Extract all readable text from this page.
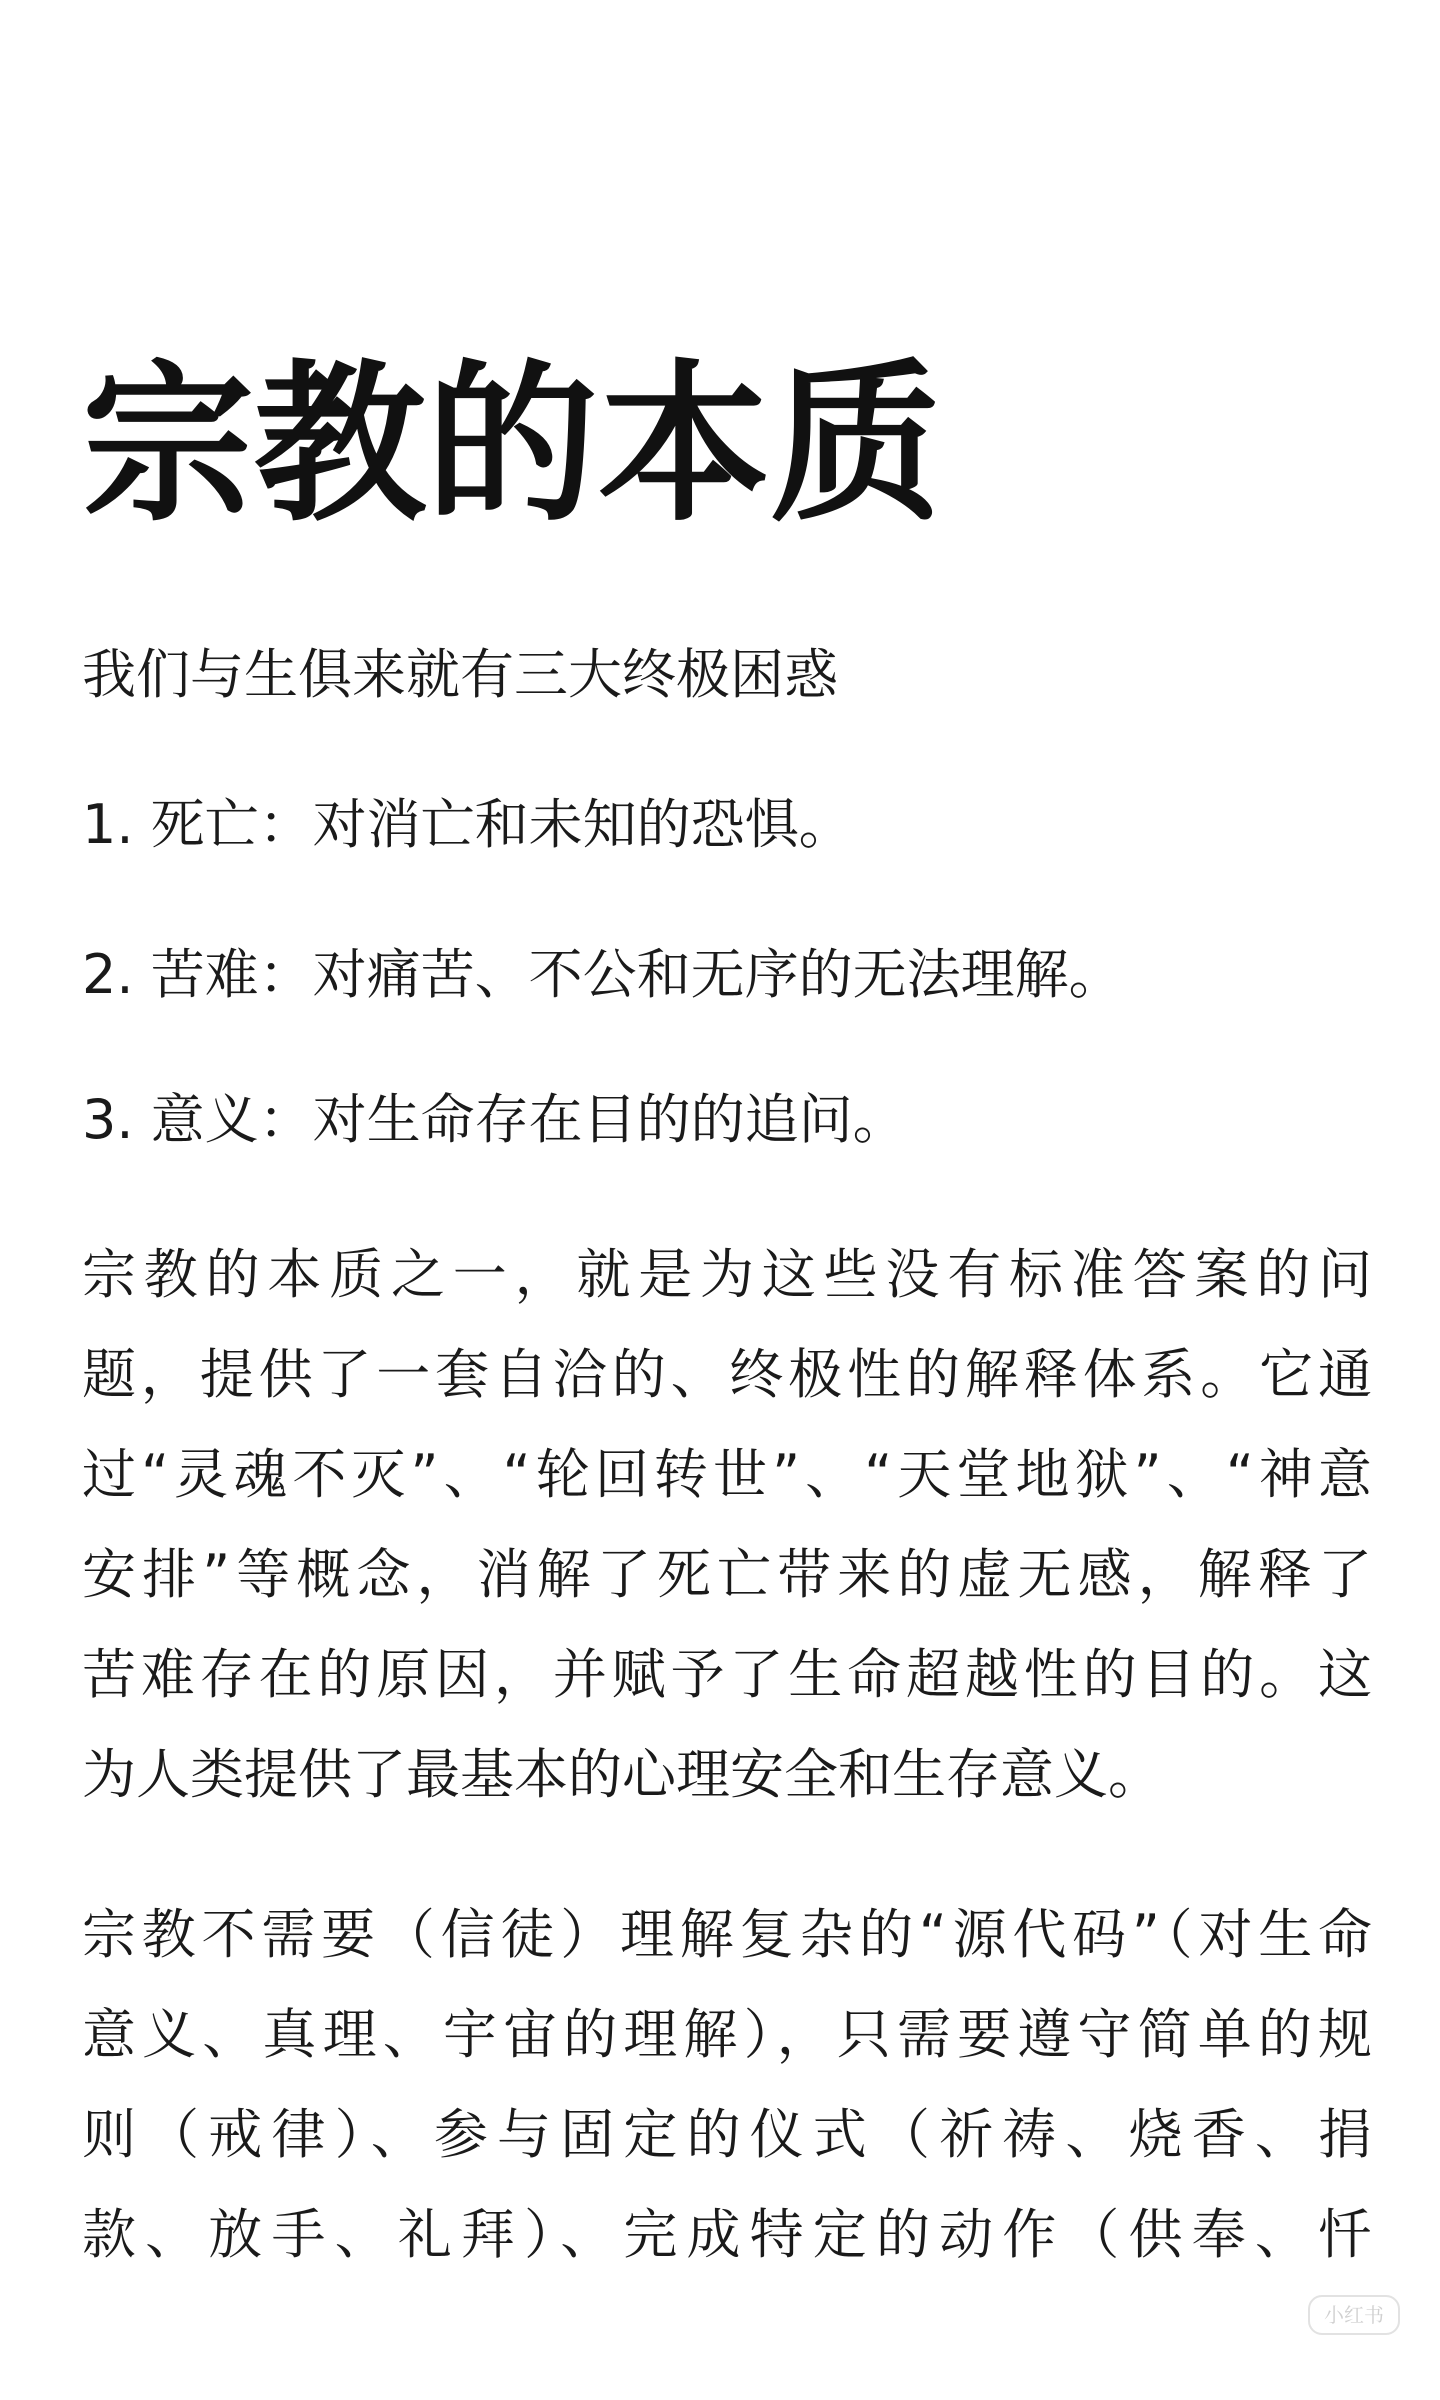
宗教的本质

我们与生俱来就有三大终极困惑

1. 死亡：对消亡和未知的恐惧。

2. 苦难：对痛苦、不公和无序的无法理解。

3. 意义：对生命存在目的的追问。

宗教的本质之一，就是为这些没有标准答案的问
题，提供了一套自洽的、终极性的解释体系。它通
过“灵魂不灭”、“轮回转世”、“天堂地狱”、“神意
安排”等概念，消解了死亡带来的虚无感，解释了
苦难存在的原因，并赋予了生命超越性的目的。这
为人类提供了最基本的心理安全和生存意义。
宗教不需要（信徒）理解复杂的“源代码”（对生命
意义、真理、宇宙的理解），只需要遵守简单的规
则（戒律）、参与固定的仪式（祈祷、烧香、捐
款、放手、礼拜）、完成特定的动作（供奉、忏
小红书
